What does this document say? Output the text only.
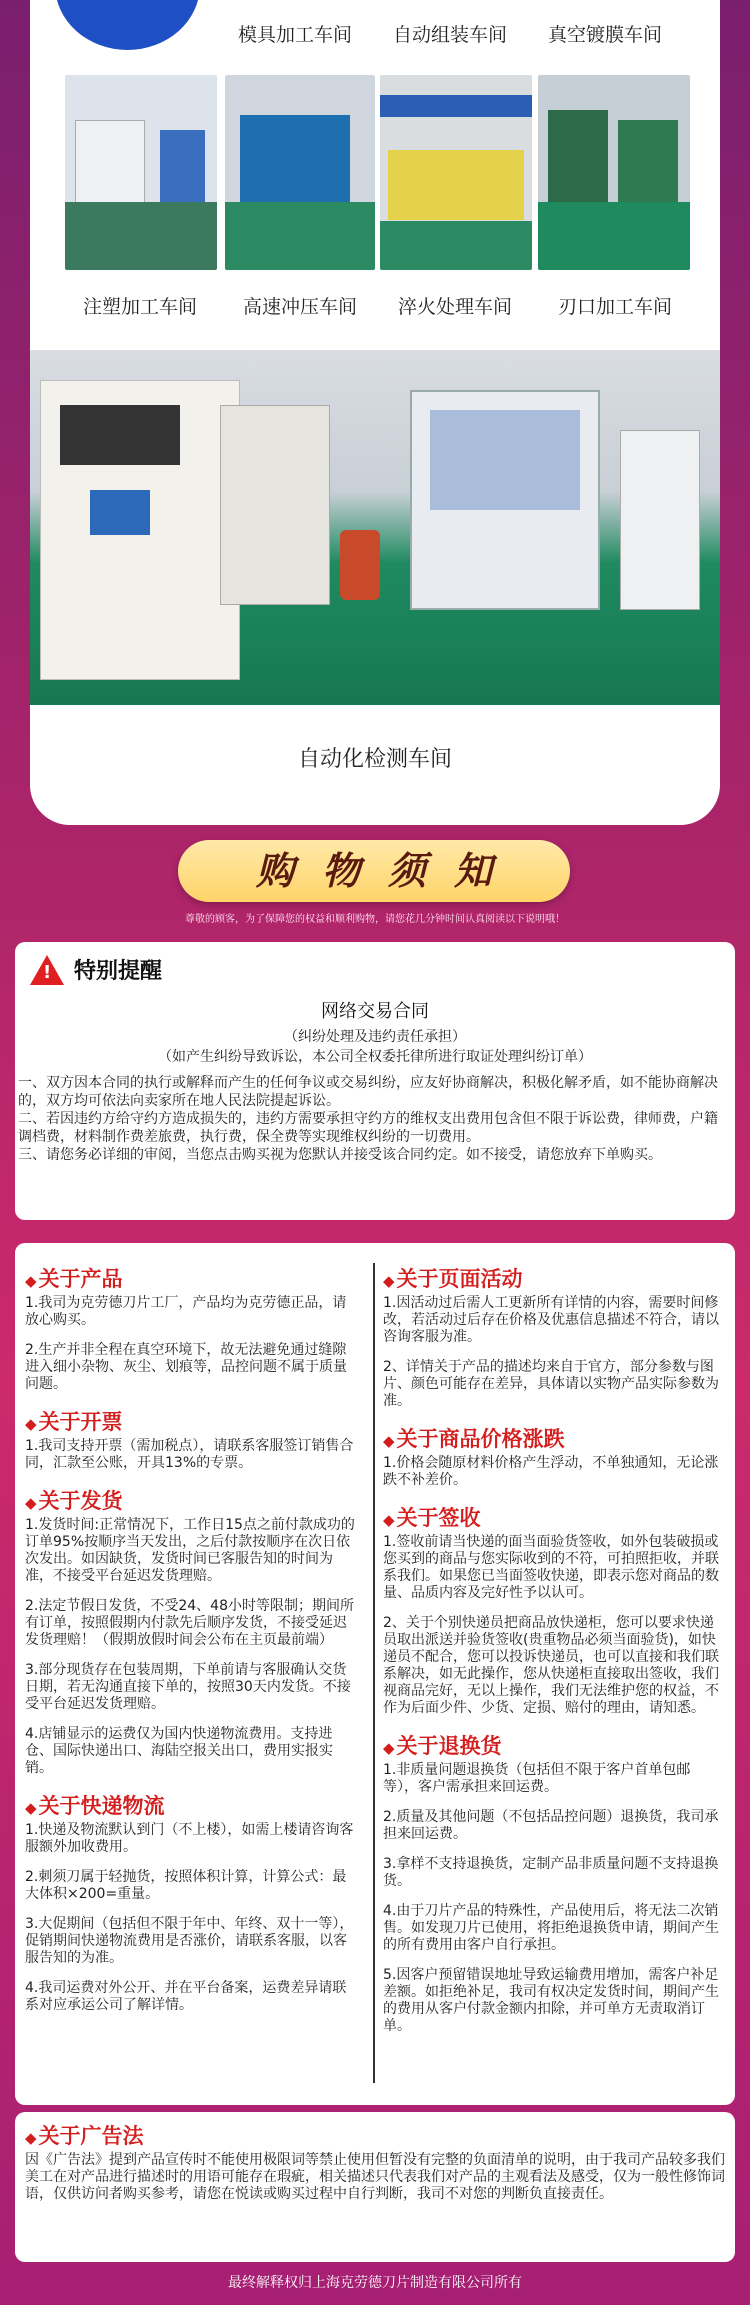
模具加工车间	自动组装车间	真空镀膜车间
注塑加工车间	高速冲压车间	淬火处理车间	刃口加工车间
自动化检测车间
购物须知
尊敬的顾客，为了保障您的权益和顺利购物，请您花几分钟时间认真阅读以下说明哦！
! 特别提醒
网络交易合同
（纠纷处理及违约责任承担）
（如产生纠纷导致诉讼，本公司全权委托律所进行取证处理纠纷订单）

一、双方因本合同的执行或解释而产生的任何争议或交易纠纷，应友好协商解决，积极化解矛盾，如不能协商解决的，双方均可依法向卖家所在地人民法院提起诉讼。

二、若因违约方给守约方造成损失的，违约方需要承担守约方的维权支出费用包含但不限于诉讼费，律师费，户籍调档费，材料制作费差旅费，执行费，保全费等实现维权纠纷的一切费用。

三、请您务必详细的审阅，当您点击购买视为您默认并接受该合同约定。如不接受，请您放弃下单购买。

◆关于产品
1.我司为克劳德刀片工厂，产品均为克劳德正品，请放心购买。
2.生产并非全程在真空环境下，故无法避免通过缝隙进入细小杂物、灰尘、划痕等，品控问题不属于质量问题。
◆关于开票
1.我司支持开票（需加税点），请联系客服签订销售合同，汇款至公账，开具13%的专票。
◆关于发货
1.发货时间:正常情况下，工作日15点之前付款成功的订单95%按顺序当天发出，之后付款按顺序在次日依次发出。如因缺货，发货时间已客服告知的时间为准，不接受平台延迟发货理赔。
2.法定节假日发货，不受24、48小时等限制；期间所有订单，按照假期内付款先后顺序发货，不接受延迟发货理赔！（假期放假时间会公布在主页最前端）
3.部分现货存在包装周期，下单前请与客服确认交货日期，若无沟通直接下单的，按照30天内发货。不接受平台延迟发货理赔。
4.店铺显示的运费仅为国内快递物流费用。支持进仓、国际快递出口、海陆空报关出口，费用实报实销。
◆关于快递物流
1.快递及物流默认到门（不上楼），如需上楼请咨询客服额外加收费用。
2.刺须刀属于轻抛货，按照体积计算，计算公式：最大体积×200=重量。
3.大促期间（包括但不限于年中、年终、双十一等），促销期间快递物流费用是否涨价，请联系客服，以客服告知的为准。
4.我司运费对外公开、并在平台备案，运费差异请联系对应承运公司了解详情。
◆关于页面活动
1.因活动过后需人工更新所有详情的内容，需要时间修改，若活动过后存在价格及优惠信息描述不符合，请以咨询客服为准。
2、详情关于产品的描述均来自于官方，部分参数与图片、颜色可能存在差异，具体请以实物产品实际参数为准。
◆关于商品价格涨跌
1.价格会随原材料价格产生浮动，不单独通知，无论涨跌不补差价。
◆关于签收
1.签收前请当快递的面当面验货签收，如外包装破损或您买到的商品与您实际收到的不符，可拍照拒收，并联系我们。如果您已当面签收快递，即表示您对商品的数量、品质内容及完好性予以认可。
2、关于个别快递员把商品放快递柜，您可以要求快递员取出派送并验货签收(贵重物品必须当面验货)，如快递员不配合，您可以投诉快递员，也可以直接和我们联系解决，如无此操作，您从快递柜直接取出签收，我们视商品完好，无以上操作，我们无法维护您的权益，不作为后面少件、少货、定损、赔付的理由，请知悉。
◆关于退换货
1.非质量问题退换货（包括但不限于客户首单包邮等），客户需承担来回运费。
2.质量及其他问题（不包括品控问题）退换货，我司承担来回运费。
3.拿样不支持退换货，定制产品非质量问题不支持退换货。
4.由于刀片产品的特殊性，产品使用后，将无法二次销售。如发现刀片已使用，将拒绝退换货申请，期间产生的所有费用由客户自行承担。
5.因客户预留错误地址导致运输费用增加，需客户补足差额。如拒绝补足，我司有权决定发货时间，期间产生的费用从客户付款金额内扣除，并可单方无责取消订单。
◆关于广告法
因《广告法》提到产品宣传时不能使用极限词等禁止使用但暂没有完整的负面清单的说明，由于我司产品较多我们美工在对产品进行描述时的用语可能存在瑕疵，相关描述只代表我们对产品的主观看法及感受，仅为一般性修饰词语，仅供访问者购买参考，请您在悦读或购买过程中自行判断，我司不对您的判断负直接责任。
最终解释权归上海克劳德刀片制造有限公司所有
